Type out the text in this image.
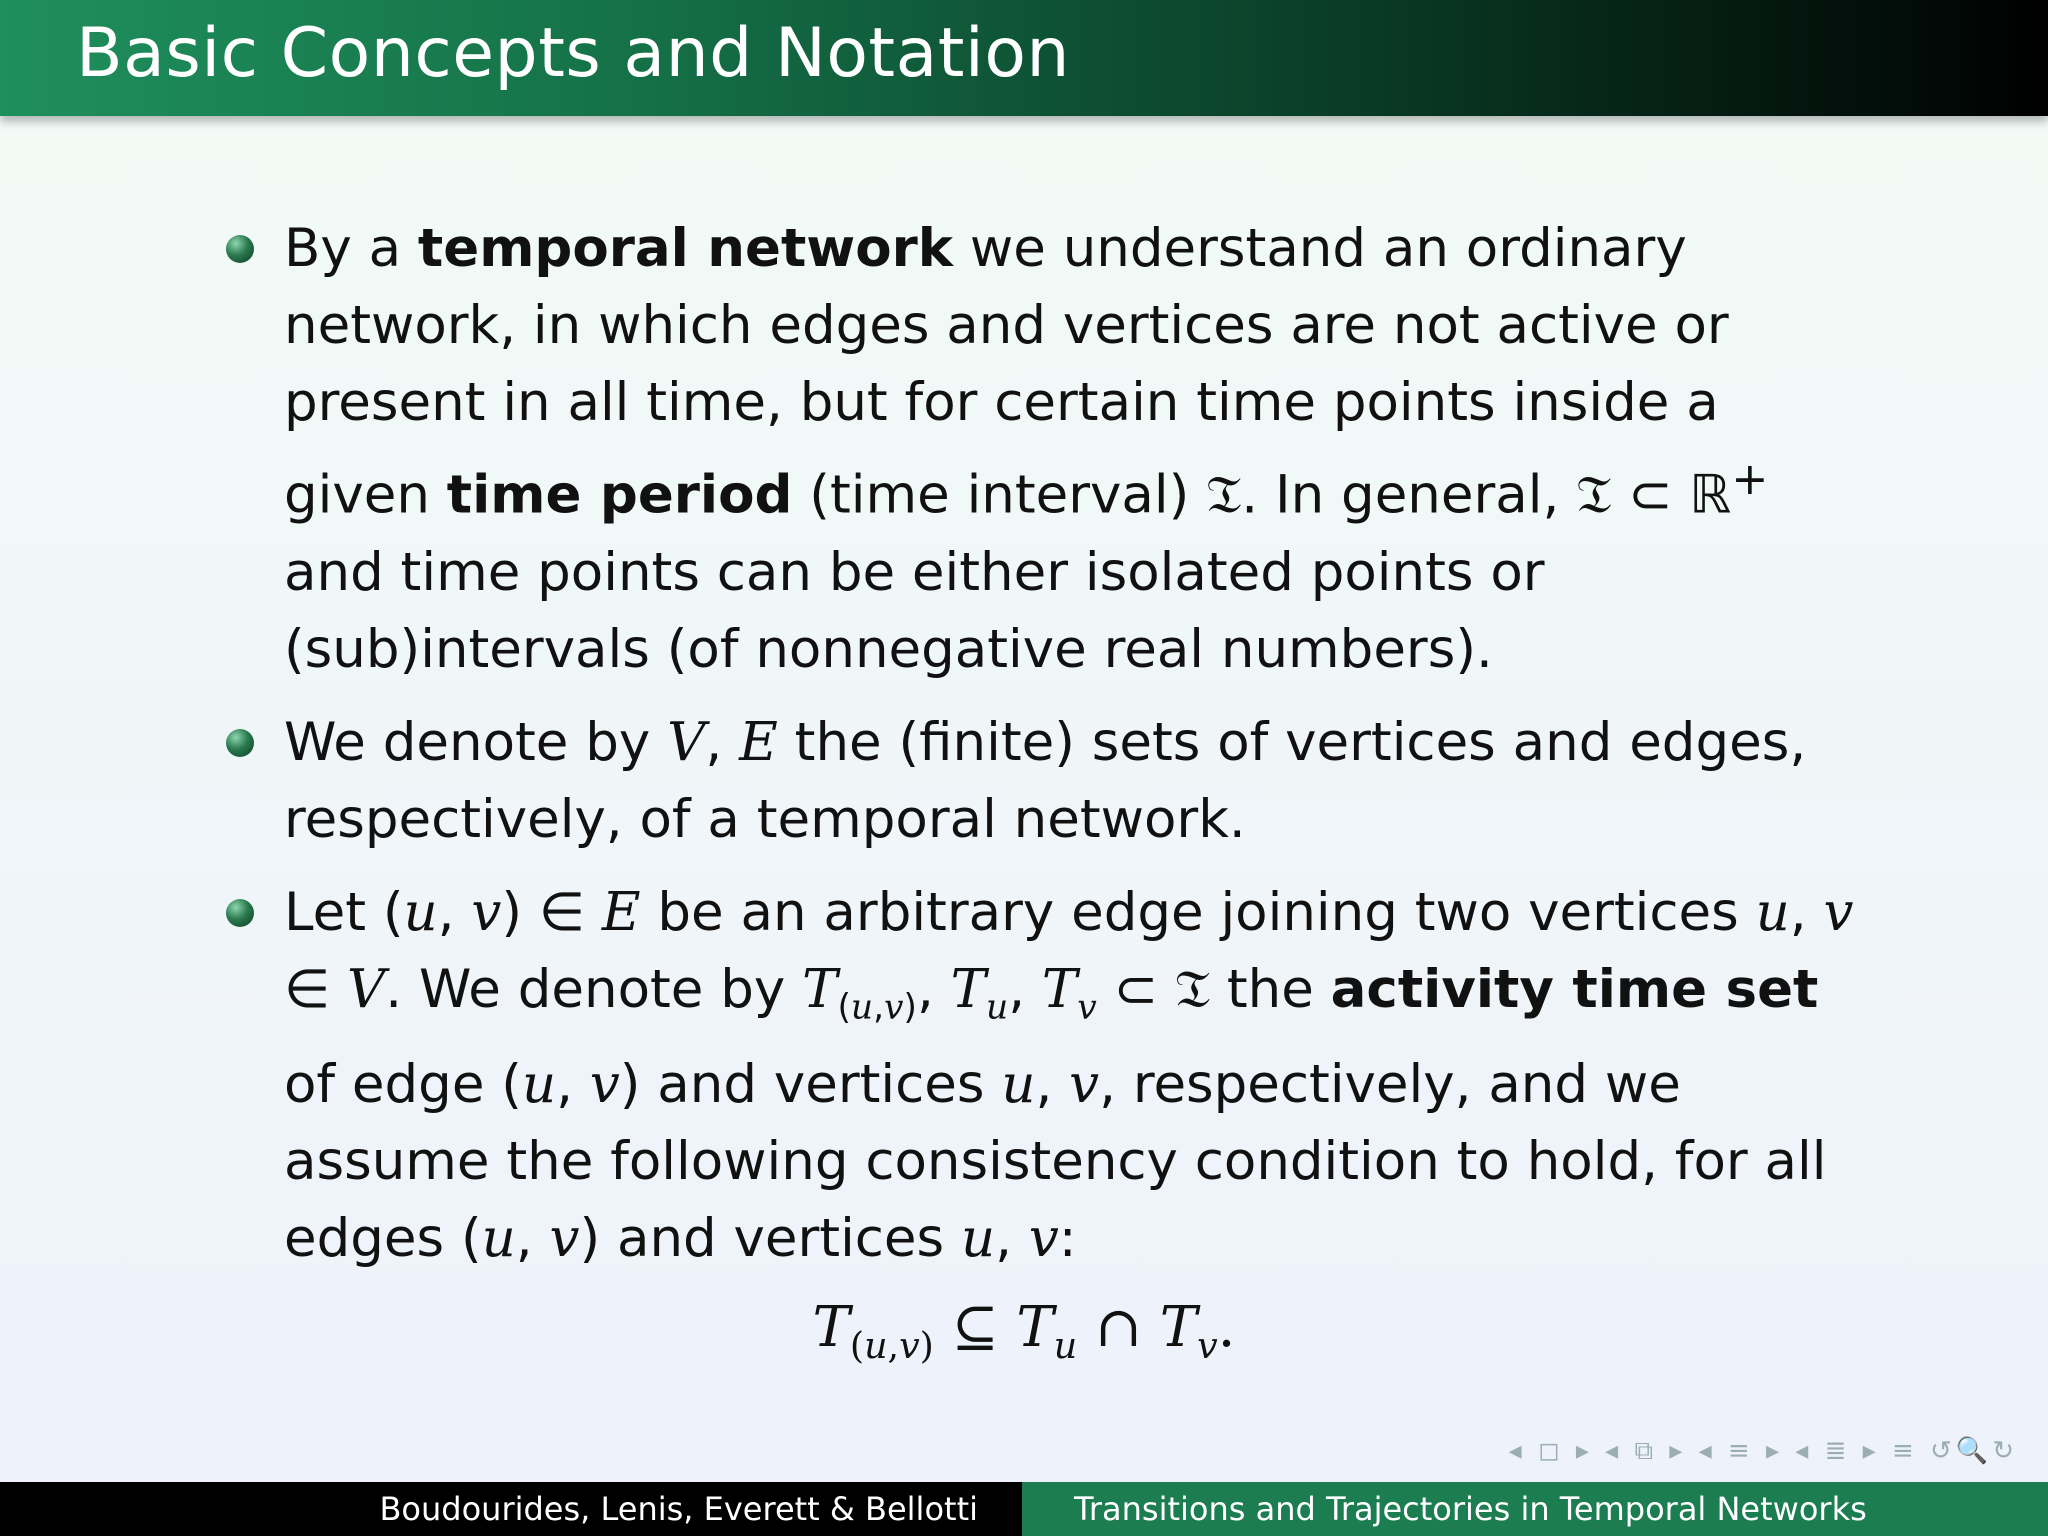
Basic Concepts and Notation

By a temporal network we understand an ordinary network, in which edges and vertices are not active or present in all time, but for certain time points inside a given time period (time interval) 𝔗. In general, 𝔗 ⊂ ℝ+ and time points can be either isolated points or (sub)intervals (of nonnegative real numbers).

We denote by V, E the (finite) sets of vertices and edges, respectively, of a temporal network.

Let (u, v) ∈ E be an arbitrary edge joining two vertices u, v ∈ V. We denote by $T_{(u,v)}$, $T_u$, $T_v$ ⊂ 𝔗 the activity time set of edge (u, v) and vertices u, v, respectively, and we assume the following consistency condition to hold, for all edges (u, v) and vertices u, v:

$T_{(u,v)}$ ⊆ $T_u$ ∩ $T_v$.
◂ ◻ ▸ ◂ ⧉ ▸ ◂ ≡ ▸ ◂ ≣ ▸ ≡ ↺🔍↻
Boudourides, Lenis, Everett & Bellotti	Transitions and Trajectories in Temporal Networks
